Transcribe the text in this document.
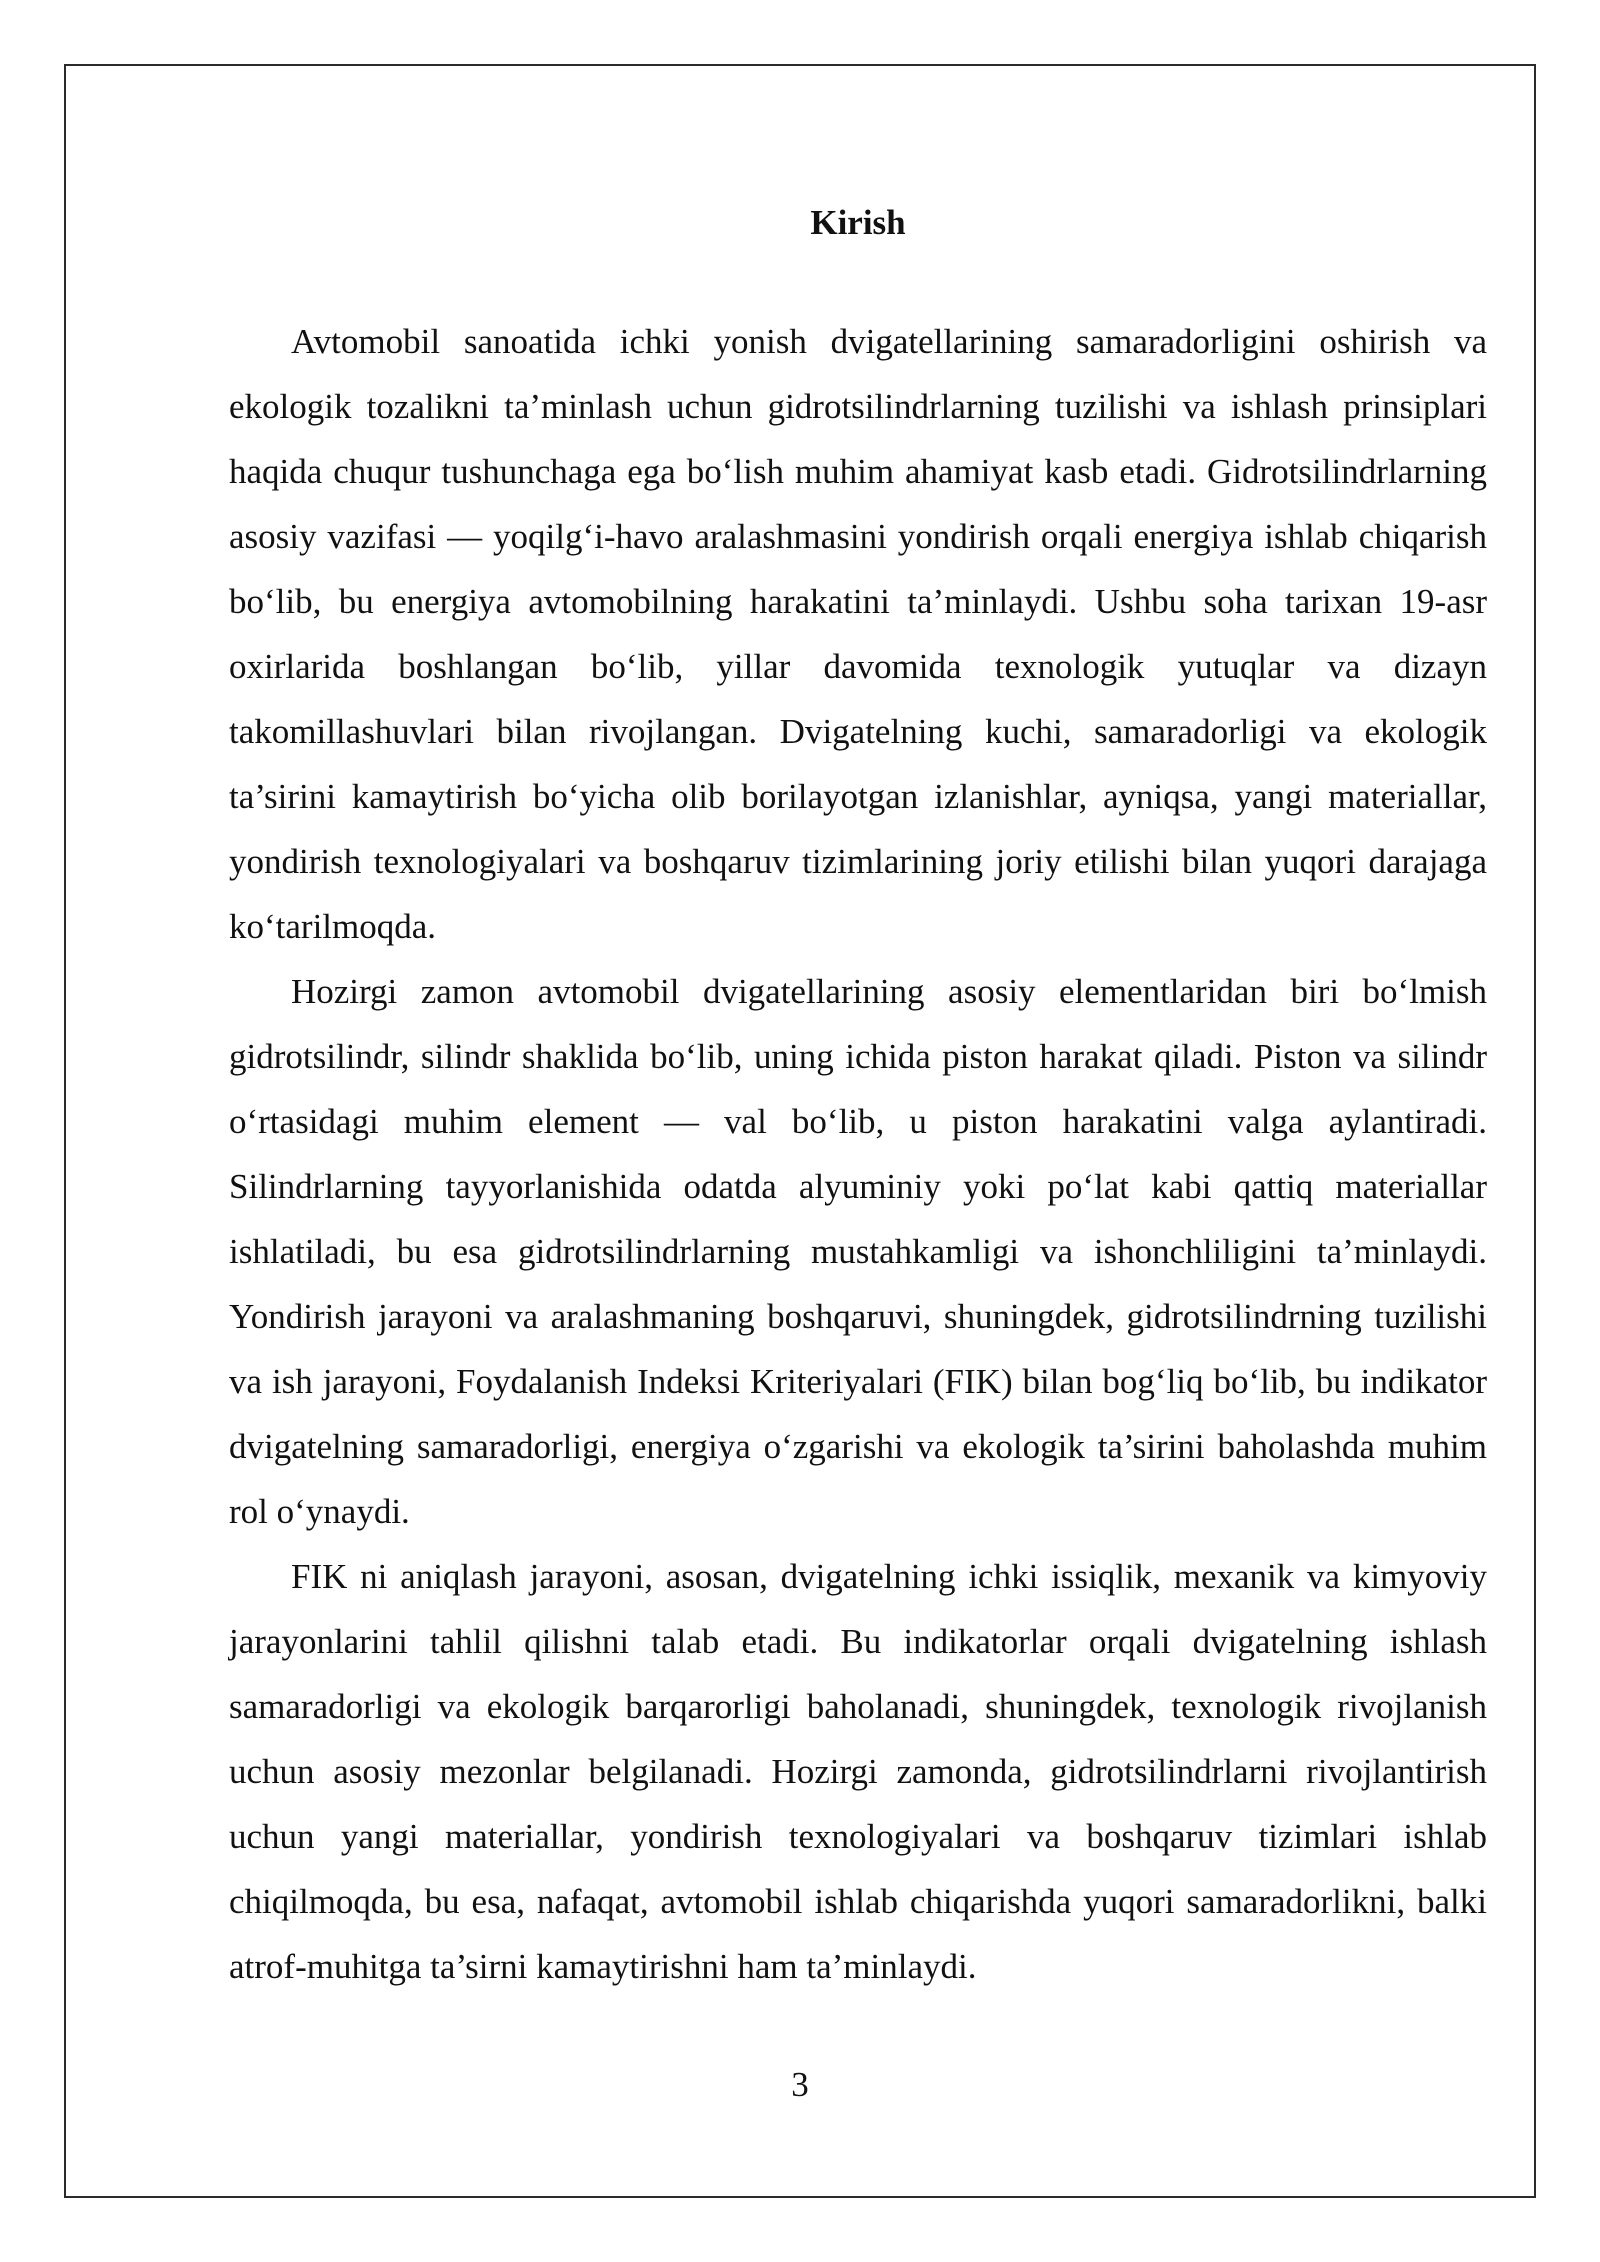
Kirish

Avtomobil sanoatida ichki yonish dvigatellarining samaradorligini oshirish va ekologik tozalikni ta’minlash uchun gidrotsilindrlarning tuzilishi va ishlash prinsiplari haqida chuqur tushunchaga ega bo‘lish muhim ahamiyat kasb etadi. Gidrotsilindrlarning asosiy vazifasi — yoqilg‘i-havo aralashmasini yondirish orqali energiya ishlab chiqarish bo‘lib, bu energiya avtomobilning harakatini ta’minlaydi. Ushbu soha tarixan 19-asr oxirlarida boshlangan bo‘lib, yillar davomida texnologik yutuqlar va dizayn takomillashuvlari bilan rivojlangan. Dvigatelning kuchi, samaradorligi va ekologik ta’sirini kamaytirish bo‘yicha olib borilayotgan izlanishlar, ayniqsa, yangi materiallar, yondirish texnologiyalari va boshqaruv tizimlarining joriy etilishi bilan yuqori darajaga ko‘tarilmoqda.

Hozirgi zamon avtomobil dvigatellarining asosiy elementlaridan biri bo‘lmish gidrotsilindr, silindr shaklida bo‘lib, uning ichida piston harakat qiladi. Piston va silindr o‘rtasidagi muhim element — val bo‘lib, u piston harakatini valga aylantiradi. Silindrlarning tayyorlanishida odatda alyuminiy yoki po‘lat kabi qattiq materiallar ishlatiladi, bu esa gidrotsilindrlarning mustahkamligi va ishonchliligini ta’minlaydi. Yondirish jarayoni va aralashmaning boshqaruvi, shuningdek, gidrotsilindrning tuzilishi va ish jarayoni, Foydalanish Indeksi Kriteriyalari (FIK) bilan bog‘liq bo‘lib, bu indikator dvigatelning samaradorligi, energiya o‘zgarishi va ekologik ta’sirini baholashda muhim rol o‘ynaydi.

FIK ni aniqlash jarayoni, asosan, dvigatelning ichki issiqlik, mexanik va kimyoviy jarayonlarini tahlil qilishni talab etadi. Bu indikatorlar orqali dvigatelning ishlash samaradorligi va ekologik barqarorligi baholanadi, shuningdek, texnologik rivojlanish uchun asosiy mezonlar belgilanadi. Hozirgi zamonda, gidrotsilindrlarni rivojlantirish uchun yangi materiallar, yondirish texnologiyalari va boshqaruv tizimlari ishlab chiqilmoqda, bu esa, nafaqat, avtomobil ishlab chiqarishda yuqori samaradorlikni, balki atrof-muhitga ta’sirni kamaytirishni ham ta’minlaydi.

3
